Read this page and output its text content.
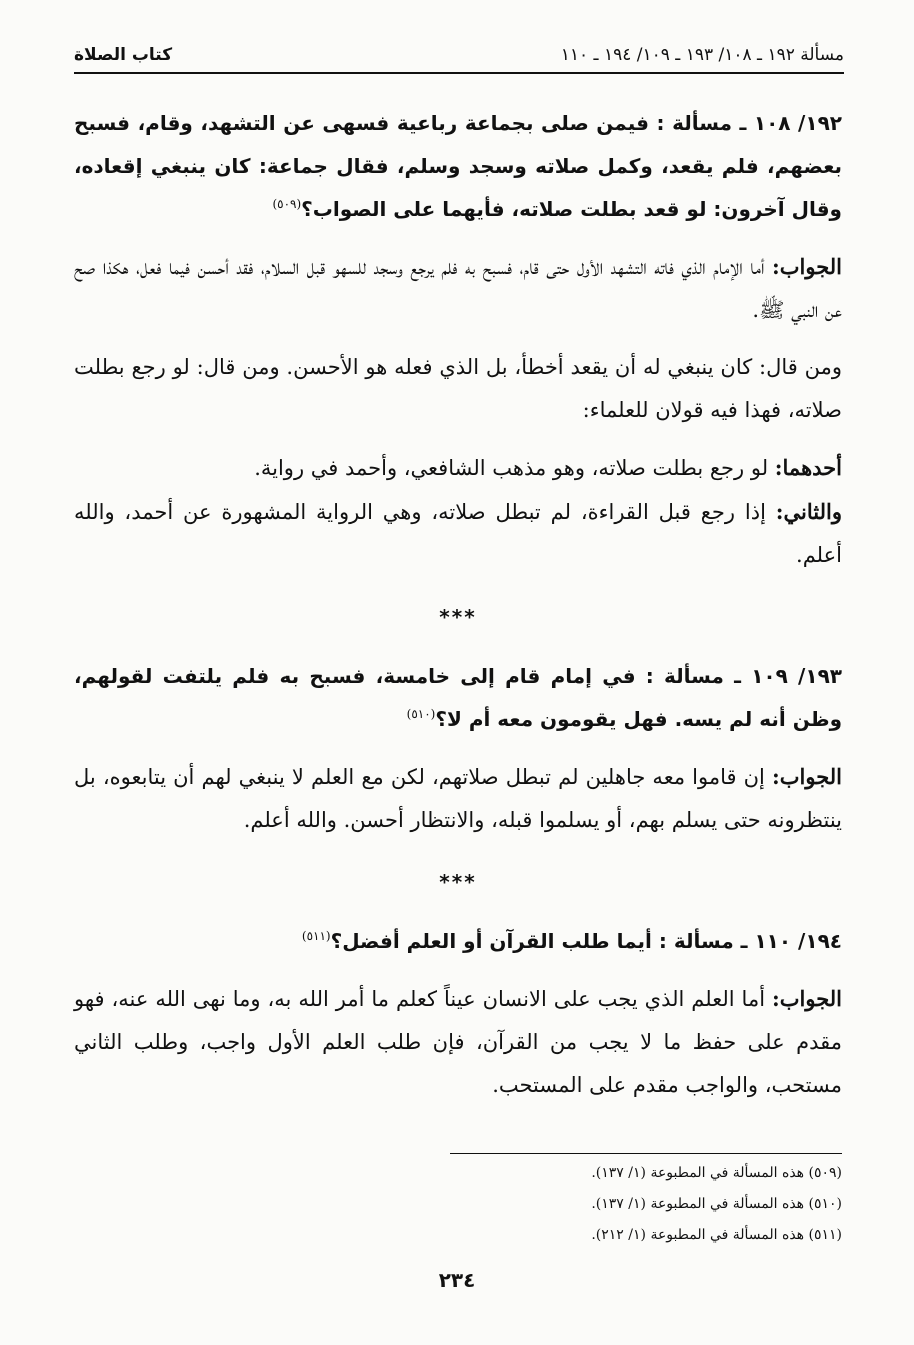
مسألة ١٩٢ ـ ١٠٨/ ١٩٣ ـ ١٠٩/ ١٩٤ ـ ١١٠
كتاب الصلاة

١٩٢/ ١٠٨ ـ مسألة : فيمن صلى بجماعة رباعية فسهى عن التشهد، وقام، فسبح بعضهم، فلم يقعد، وكمل صلاته وسجد وسلم، فقال جماعة: كان ينبغي إقعاده، وقال آخرون: لو قعد بطلت صلاته، فأيهما على الصواب؟$^{(٥٠٩)}$

الجواب: أما الإمام الذي فاته التشهد الأول حتى قام، فسبح به فلم يرجع وسجد للسهو قبل السلام، فقد أحسن فيما فعل، هكذا صح عن النبي ﷺ.

ومن قال: كان ينبغي له أن يقعد أخطأ، بل الذي فعله هو الأحسن. ومن قال: لو رجع بطلت صلاته، فهذا فيه قولان للعلماء:

أحدهما: لو رجع بطلت صلاته، وهو مذهب الشافعي، وأحمد في رواية.

والثاني: إذا رجع قبل القراءة، لم تبطل صلاته، وهي الرواية المشهورة عن أحمد، والله أعلم.

***

١٩٣/ ١٠٩ ـ مسألة : في إمام قام إلى خامسة، فسبح به فلم يلتفت لقولهم، وظن أنه لم يسه. فهل يقومون معه أم لا؟$^{(٥١٠)}$

الجواب: إن قاموا معه جاهلين لم تبطل صلاتهم، لكن مع العلم لا ينبغي لهم أن يتابعوه، بل ينتظرونه حتى يسلم بهم، أو يسلموا قبله، والانتظار أحسن. والله أعلم.

***

١٩٤/ ١١٠ ـ مسألة : أيما طلب القرآن أو العلم أفضل؟$^{(٥١١)}$

الجواب: أما العلم الذي يجب على الانسان عيناً كعلم ما أمر الله به، وما نهى الله عنه، فهو مقدم على حفظ ما لا يجب من القرآن، فإن طلب العلم الأول واجب، وطلب الثاني مستحب، والواجب مقدم على المستحب.

(٥٠٩) هذه المسألة في المطبوعة (١/ ١٣٧).
(٥١٠) هذه المسألة في المطبوعة (١/ ١٣٧).
(٥١١) هذه المسألة في المطبوعة (١/ ٢١٢).
٢٣٤
